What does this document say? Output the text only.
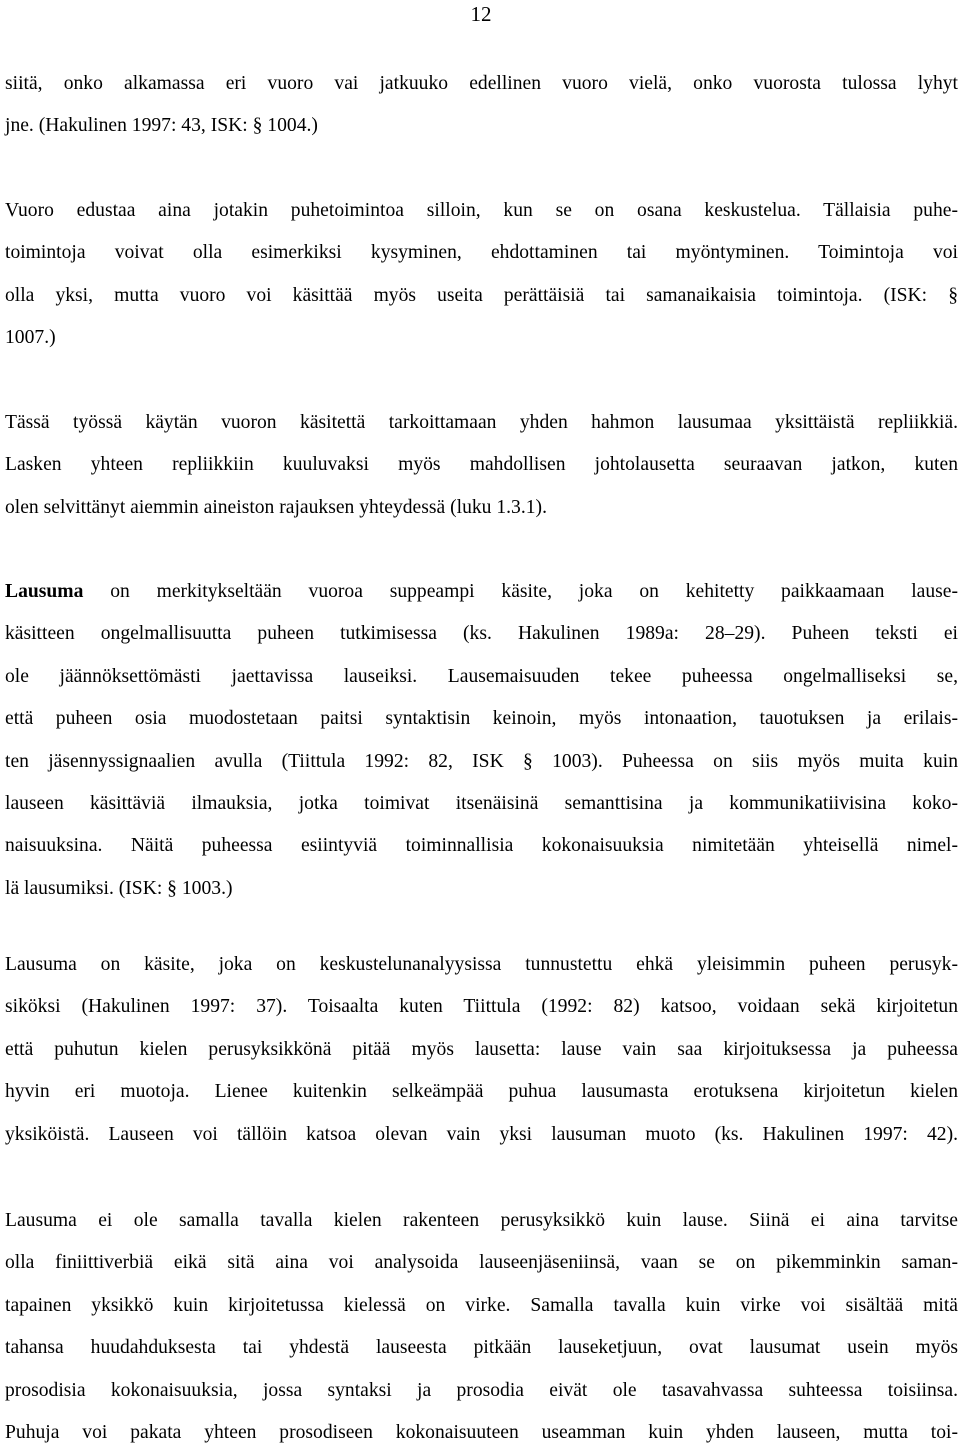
12
siitä, onko alkamassa eri vuoro vai jatkuuko edellinen vuoro vielä, onko vuorosta tulossa lyhyt
jne. (Hakulinen 1997: 43, ISK: § 1004.)
Vuoro edustaa aina jotakin puhetoimintoa silloin, kun se on osana keskustelua. Tällaisia puhe-
toimintoja voivat olla esimerkiksi kysyminen, ehdottaminen tai myöntyminen. Toimintoja voi
olla yksi, mutta vuoro voi käsittää myös useita perättäisiä tai samanaikaisia toimintoja. (ISK: §
1007.)
Tässä työssä käytän vuoron käsitettä tarkoittamaan yhden hahmon lausumaa yksittäistä repliikkiä.
Lasken yhteen repliikkiin kuuluvaksi myös mahdollisen johtolausetta seuraavan jatkon, kuten
olen selvittänyt aiemmin aineiston rajauksen yhteydessä (luku 1.3.1).
Lausuma on merkitykseltään vuoroa suppeampi käsite, joka on kehitetty paikkaamaan lause-
käsitteen ongelmallisuutta puheen tutkimisessa (ks. Hakulinen 1989a: 28–29). Puheen teksti ei
ole jäännöksettömästi jaettavissa lauseiksi. Lausemaisuuden tekee puheessa ongelmalliseksi se,
että puheen osia muodostetaan paitsi syntaktisin keinoin, myös intonaation, tauotuksen ja erilais-
ten jäsennyssignaalien avulla (Tiittula 1992: 82, ISK § 1003). Puheessa on siis myös muita kuin
lauseen käsittäviä ilmauksia, jotka toimivat itsenäisinä semanttisina ja kommunikatiivisina koko-
naisuuksina. Näitä puheessa esiintyviä toiminnallisia kokonaisuuksia nimitetään yhteisellä nimel-
lä lausumiksi. (ISK: § 1003.)
Lausuma on käsite, joka on keskustelunanalyysissa tunnustettu ehkä yleisimmin puheen perusyk-
siköksi (Hakulinen 1997: 37). Toisaalta kuten Tiittula (1992: 82) katsoo, voidaan sekä kirjoitetun
että puhutun kielen perusyksikkönä pitää myös lausetta: lause vain saa kirjoituksessa ja puheessa
hyvin eri muotoja. Lienee kuitenkin selkeämpää puhua lausumasta erotuksena kirjoitetun kielen
yksiköistä. Lauseen voi tällöin katsoa olevan vain yksi lausuman muoto (ks. Hakulinen 1997: 42).
Lausuma ei ole samalla tavalla kielen rakenteen perusyksikkö kuin lause. Siinä ei aina tarvitse
olla finiittiverbiä eikä sitä aina voi analysoida lauseenjäseniinsä, vaan se on pikemminkin saman-
tapainen yksikkö kuin kirjoitetussa kielessä on virke. Samalla tavalla kuin virke voi sisältää mitä
tahansa huudahduksesta tai yhdestä lauseesta pitkään lauseketjuun, ovat lausumat usein myös
prosodisia kokonaisuuksia, jossa syntaksi ja prosodia eivät ole tasavahvassa suhteessa toisiinsa.
Puhuja voi pakata yhteen prosodiseen kokonaisuuteen useamman kuin yhden lauseen, mutta toi-
